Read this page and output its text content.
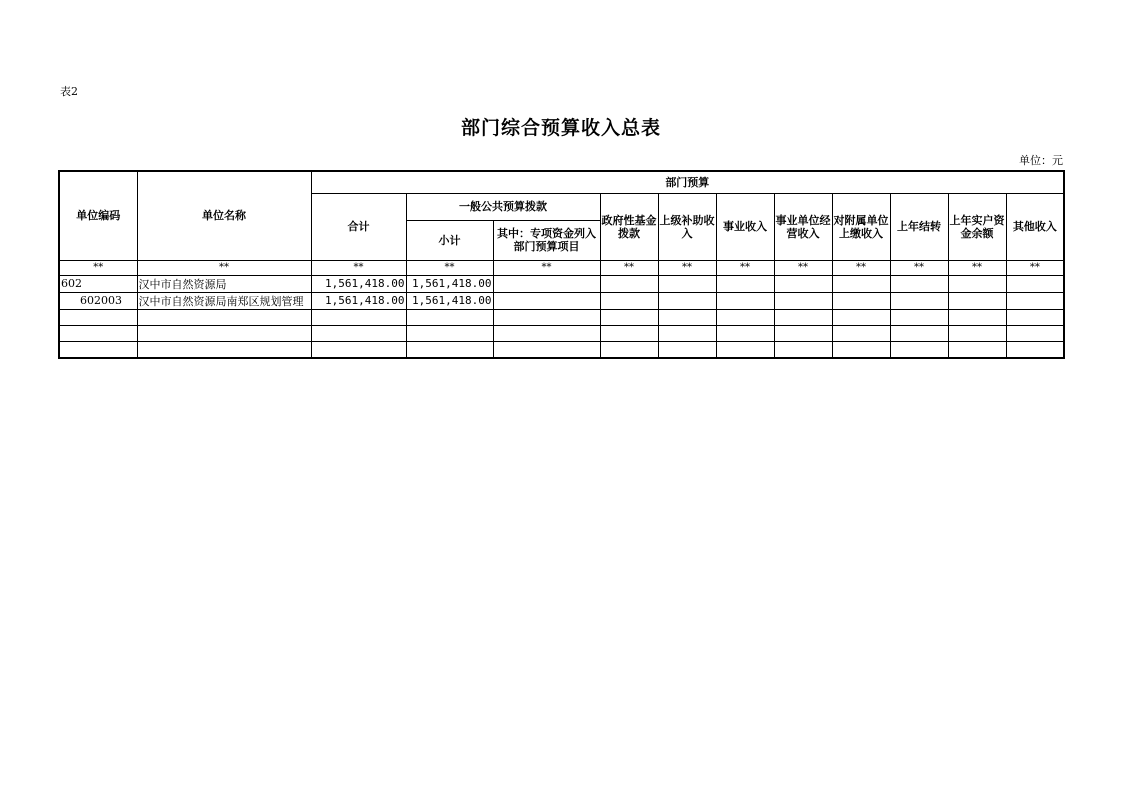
表2
部门综合预算收入总表
单位：元
单位编码	单位名称	部门预算										
		合计	一般公共预算拨款		政府性基金拨款	上级补助收入	事业收入	事业单位经营收入	对附属单位上缴收入	上年结转	上年实户资金余额	其他收入
			小计	其中：专项资金列入部门预算项目								
**	**	**	**	**	**	**	**	**	**	**	**	**
602	汉中市自然资源局	1,561,418.00	1,561,418.00									
602003	汉中市自然资源局南郑区规划管理	1,561,418.00	1,561,418.00									
